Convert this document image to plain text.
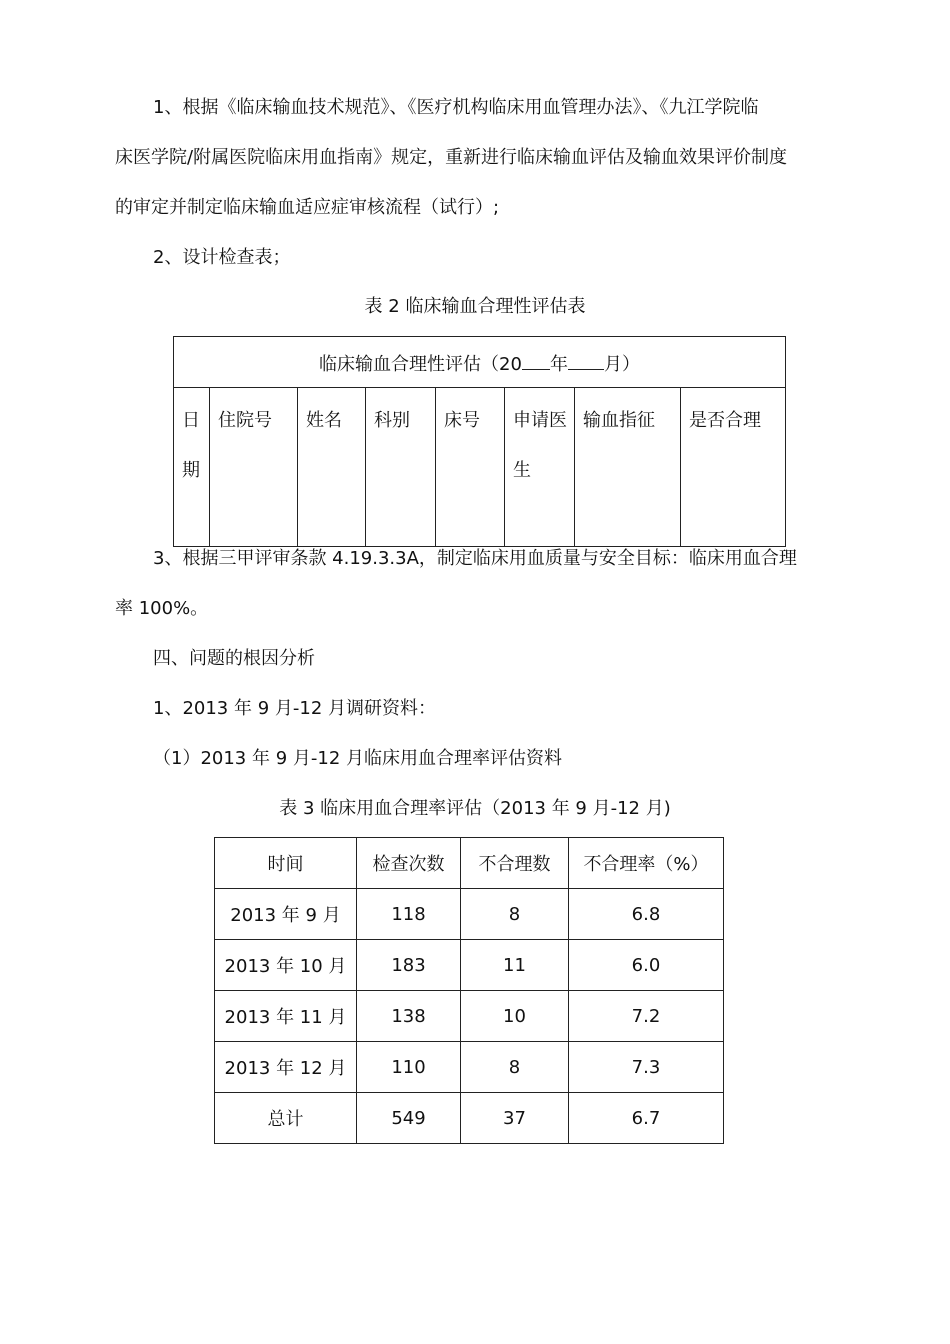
1、根据《临床输血技术规范》、《医疗机构临床用血管理办法》、《九江学院临
床医学院/附属医院临床用血指南》规定，重新进行临床输血评估及输血效果评价制度
的审定并制定临床输血适应症审核流程（试行）;
2、设计检查表；
表 2 临床输血合理性评估表
临床输血合理性评估（20 年 月）
日期	住院号	姓名	科别	床号	申请医生	输血指征	是否合理
3、根据三甲评审条款 4.19.3.3A，制定临床用血质量与安全目标：临床用血合理
率 100%。
四、问题的根因分析
1、2013 年 9 月-12 月调研资料：
（1）2013 年 9 月-12 月临床用血合理率评估资料
表 3 临床用血合理率评估（2013 年 9 月-12 月)
时间	检查次数	不合理数	不合理率（%）
2013 年 9 月	118	8	6.8
2013 年 10 月	183	11	6.0
2013 年 11 月	138	10	7.2
2013 年 12 月	110	8	7.3
总计	549	37	6.7
